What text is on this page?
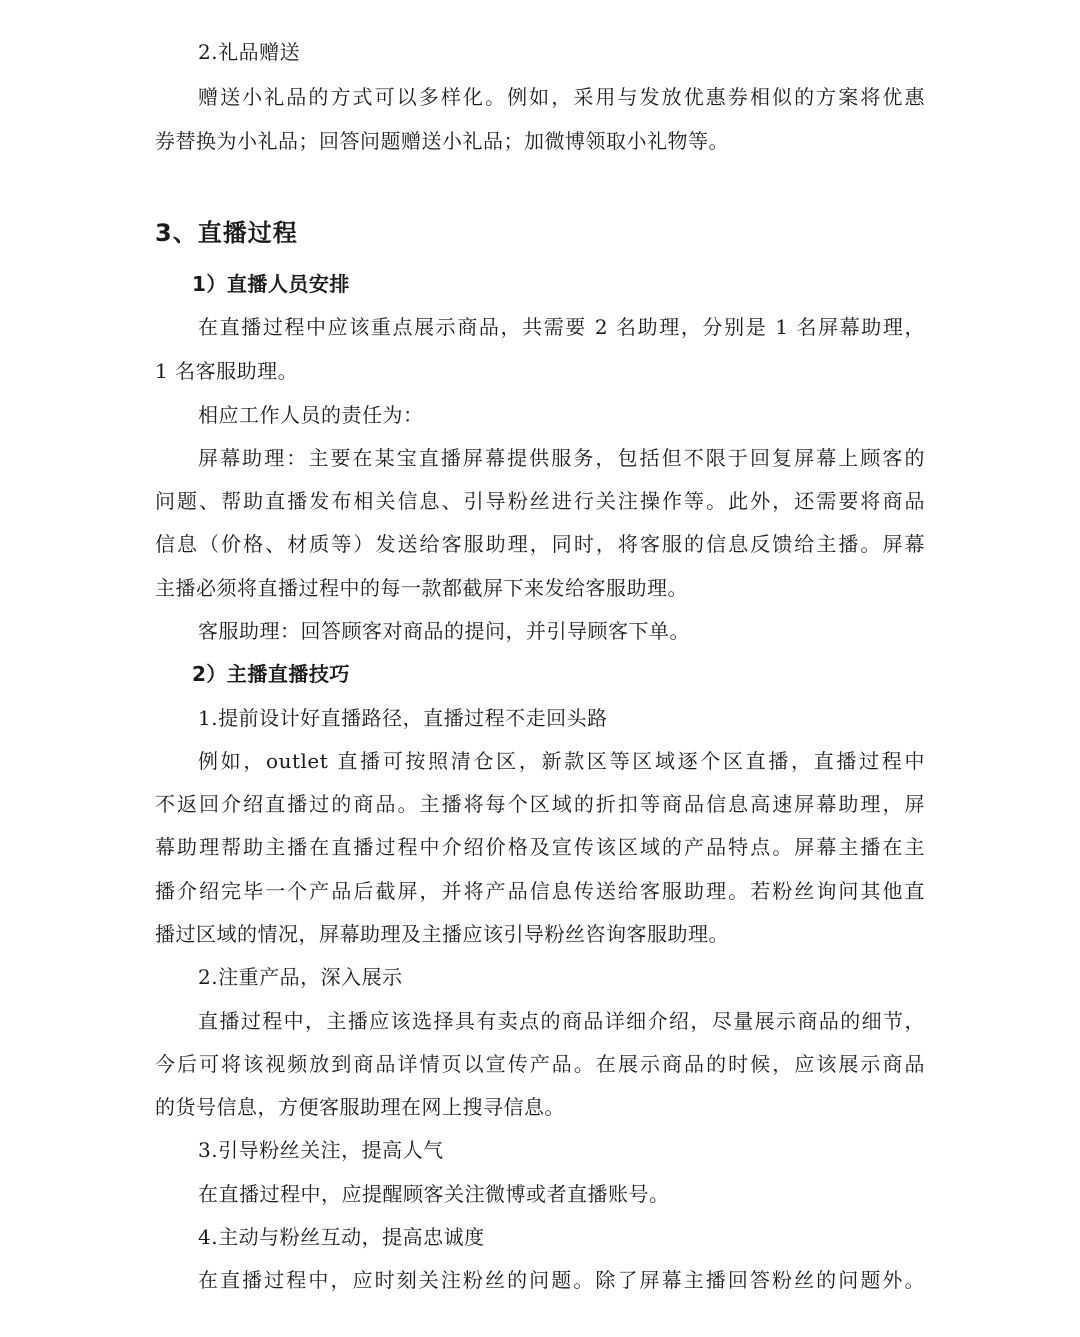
2.礼品赠送
赠送小礼品的方式可以多样化。例如，采用与发放优惠券相似的方案将优惠
券替换为小礼品；回答问题赠送小礼品；加微博领取小礼物等。
3、直播过程
1）直播人员安排
在直播过程中应该重点展示商品，共需要 2 名助理，分别是 1 名屏幕助理，
1 名客服助理。
相应工作人员的责任为：
屏幕助理：主要在某宝直播屏幕提供服务，包括但不限于回复屏幕上顾客的
问题、帮助直播发布相关信息、引导粉丝进行关注操作等。此外，还需要将商品
信息（价格、材质等）发送给客服助理，同时，将客服的信息反馈给主播。屏幕
主播必须将直播过程中的每一款都截屏下来发给客服助理。
客服助理：回答顾客对商品的提问，并引导顾客下单。
2）主播直播技巧
1.提前设计好直播路径，直播过程不走回头路
例如，outlet 直播可按照清仓区，新款区等区域逐个区直播，直播过程中
不返回介绍直播过的商品。主播将每个区域的折扣等商品信息高速屏幕助理，屏
幕助理帮助主播在直播过程中介绍价格及宣传该区域的产品特点。屏幕主播在主
播介绍完毕一个产品后截屏，并将产品信息传送给客服助理。若粉丝询问其他直
播过区域的情况，屏幕助理及主播应该引导粉丝咨询客服助理。
2.注重产品，深入展示
直播过程中，主播应该选择具有卖点的商品详细介绍，尽量展示商品的细节，
今后可将该视频放到商品详情页以宣传产品。在展示商品的时候，应该展示商品
的货号信息，方便客服助理在网上搜寻信息。
3.引导粉丝关注，提高人气
在直播过程中，应提醒顾客关注微博或者直播账号。
4.主动与粉丝互动，提高忠诚度
在直播过程中，应时刻关注粉丝的问题。除了屏幕主播回答粉丝的问题外。
